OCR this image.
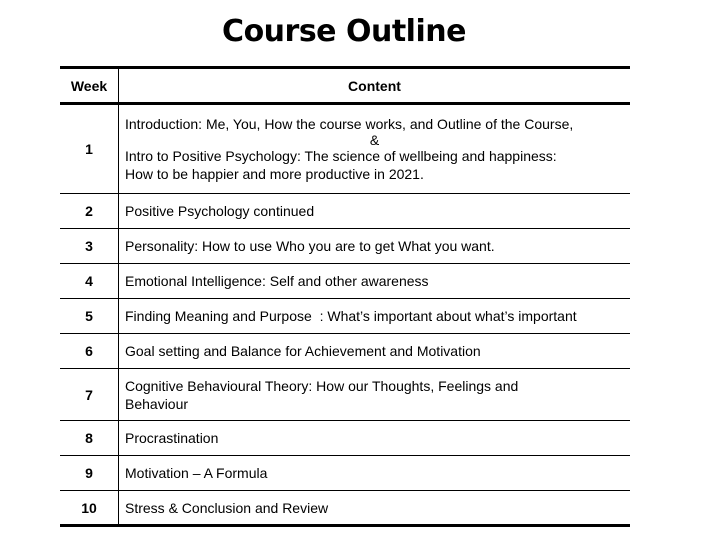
Course Outline
Week	Content
1	Introduction: Me, You, How the course works, and Outline of the Course,
&
Intro to Positive Psychology: The science of wellbeing and happiness:
How to be happier and more productive in 2021.

2	Positive Psychology continued
3	Personality: How to use Who you are to get What you want.
4	Emotional Intelligence: Self and other awareness
5	Finding Meaning and Purpose  : What’s important about what’s important
6	Goal setting and Balance for Achievement and Motivation
7	Cognitive Behavioural Theory: How our Thoughts, Feelings and
Behaviour

8	Procrastination
9	Motivation – A Formula
10	Stress & Conclusion and Review
